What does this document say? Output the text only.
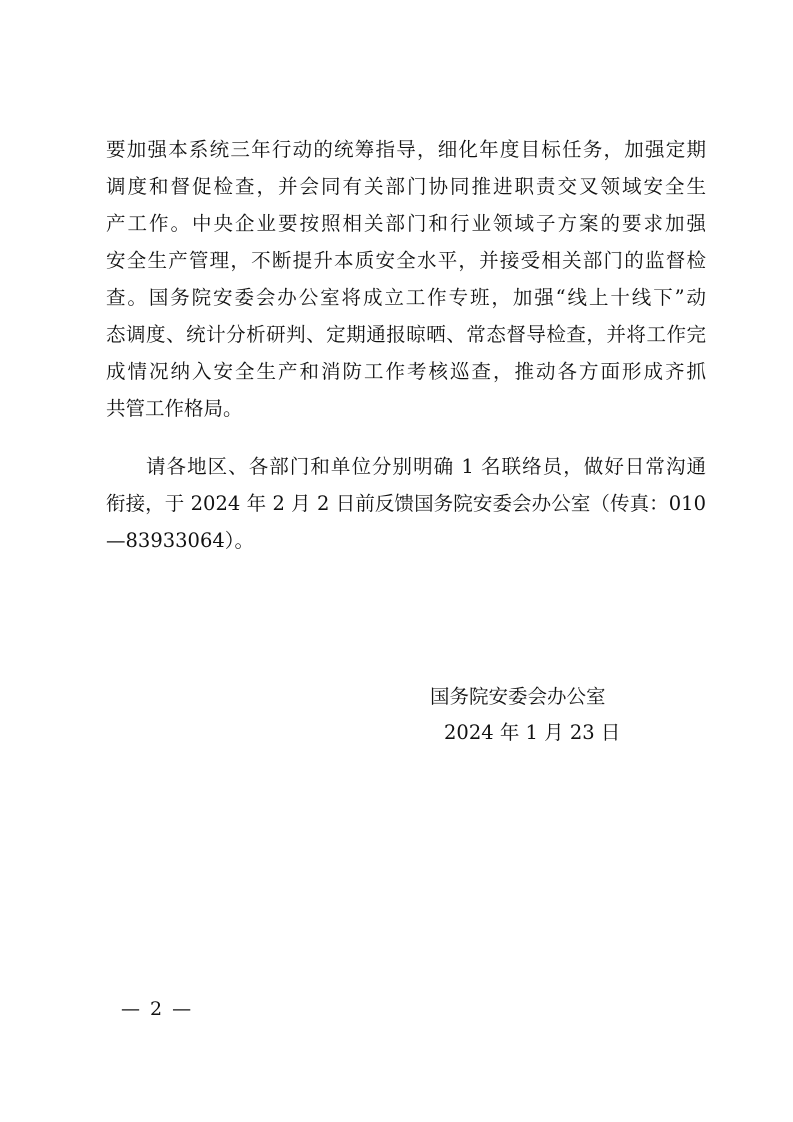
要加强本系统三年行动的统筹指导，细化年度目标任务，加强定期
调度和督促检查，并会同有关部门协同推进职责交叉领域安全生
产工作。中央企业要按照相关部门和行业领域子方案的要求加强
安全生产管理，不断提升本质安全水平，并接受相关部门的监督检
查。国务院安委会办公室将成立工作专班，加强“线上十线下”动
态调度、统计分析研判、定期通报晾晒、常态督导检查，并将工作完
成情况纳入安全生产和消防工作考核巡查，推动各方面形成齐抓
共管工作格局。
请各地区、各部门和单位分别明确 1 名联络员，做好日常沟通
衔接，于 2024 年 2 月 2 日前反馈国务院安委会办公室（传真：010
—83933064）。
国务院安委会办公室
2024 年 1 月 23 日
— 2 —
